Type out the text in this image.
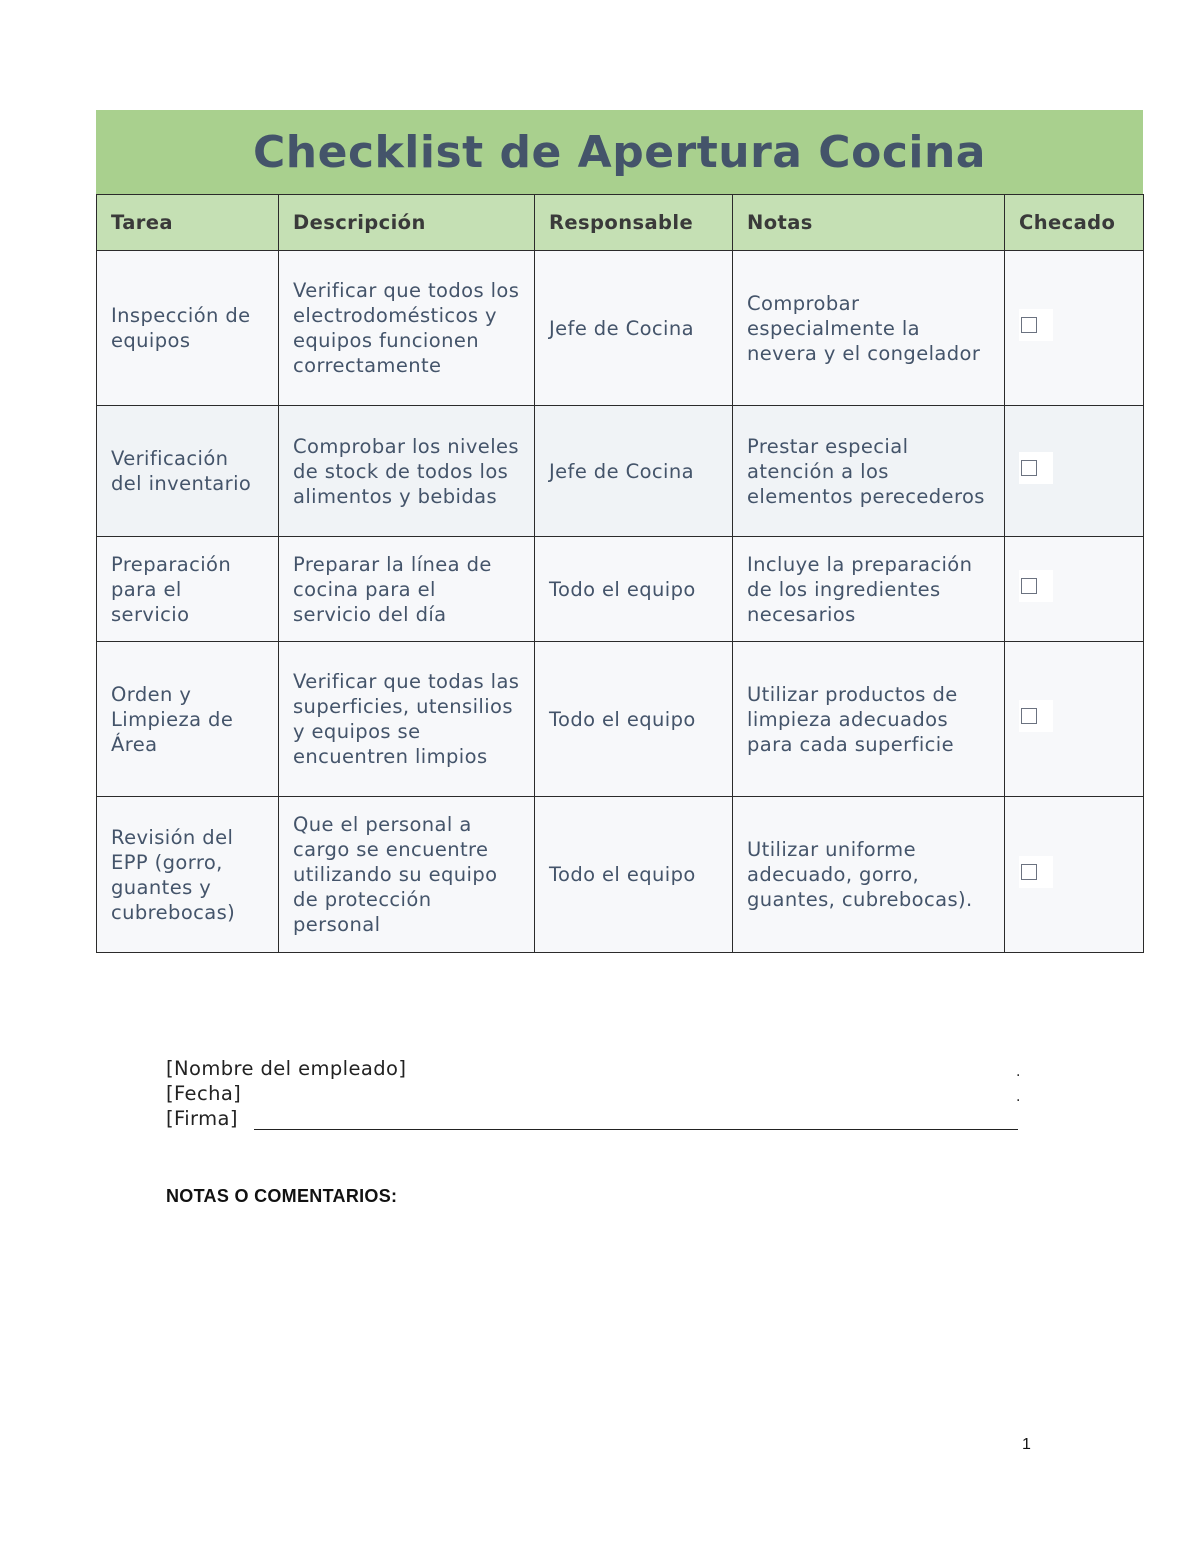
Checklist de Apertura Cocina
Tarea	Descripción	Responsable	Notas	Checado
Inspección de equipos	Verificar que todos los electrodomésticos y equipos funcionen correctamente	Jefe de Cocina	Comprobar especialmente la nevera y el congelador	
Verificación del inventario	Comprobar los niveles de stock de todos los alimentos y bebidas	Jefe de Cocina	Prestar especial atención a los elementos perecederos	
Preparación para el servicio	Preparar la línea de cocina para el servicio del día	Todo el equipo	Incluye la preparación de los ingredientes necesarios	
Orden y Limpieza de Área	Verificar que todas las superficies, utensilios y equipos se encuentren limpios	Todo el equipo	Utilizar productos de limpieza adecuados para cada superficie	
Revisión del EPP (gorro, guantes y cubrebocas)	Que el personal a cargo se encuentre utilizando su equipo de protección personal	Todo el equipo	Utilizar uniforme adecuado, gorro, guantes, cubrebocas).	
[Nombre del empleado]	.
[Fecha]	.
[Firma]
NOTAS O COMENTARIOS:
1
